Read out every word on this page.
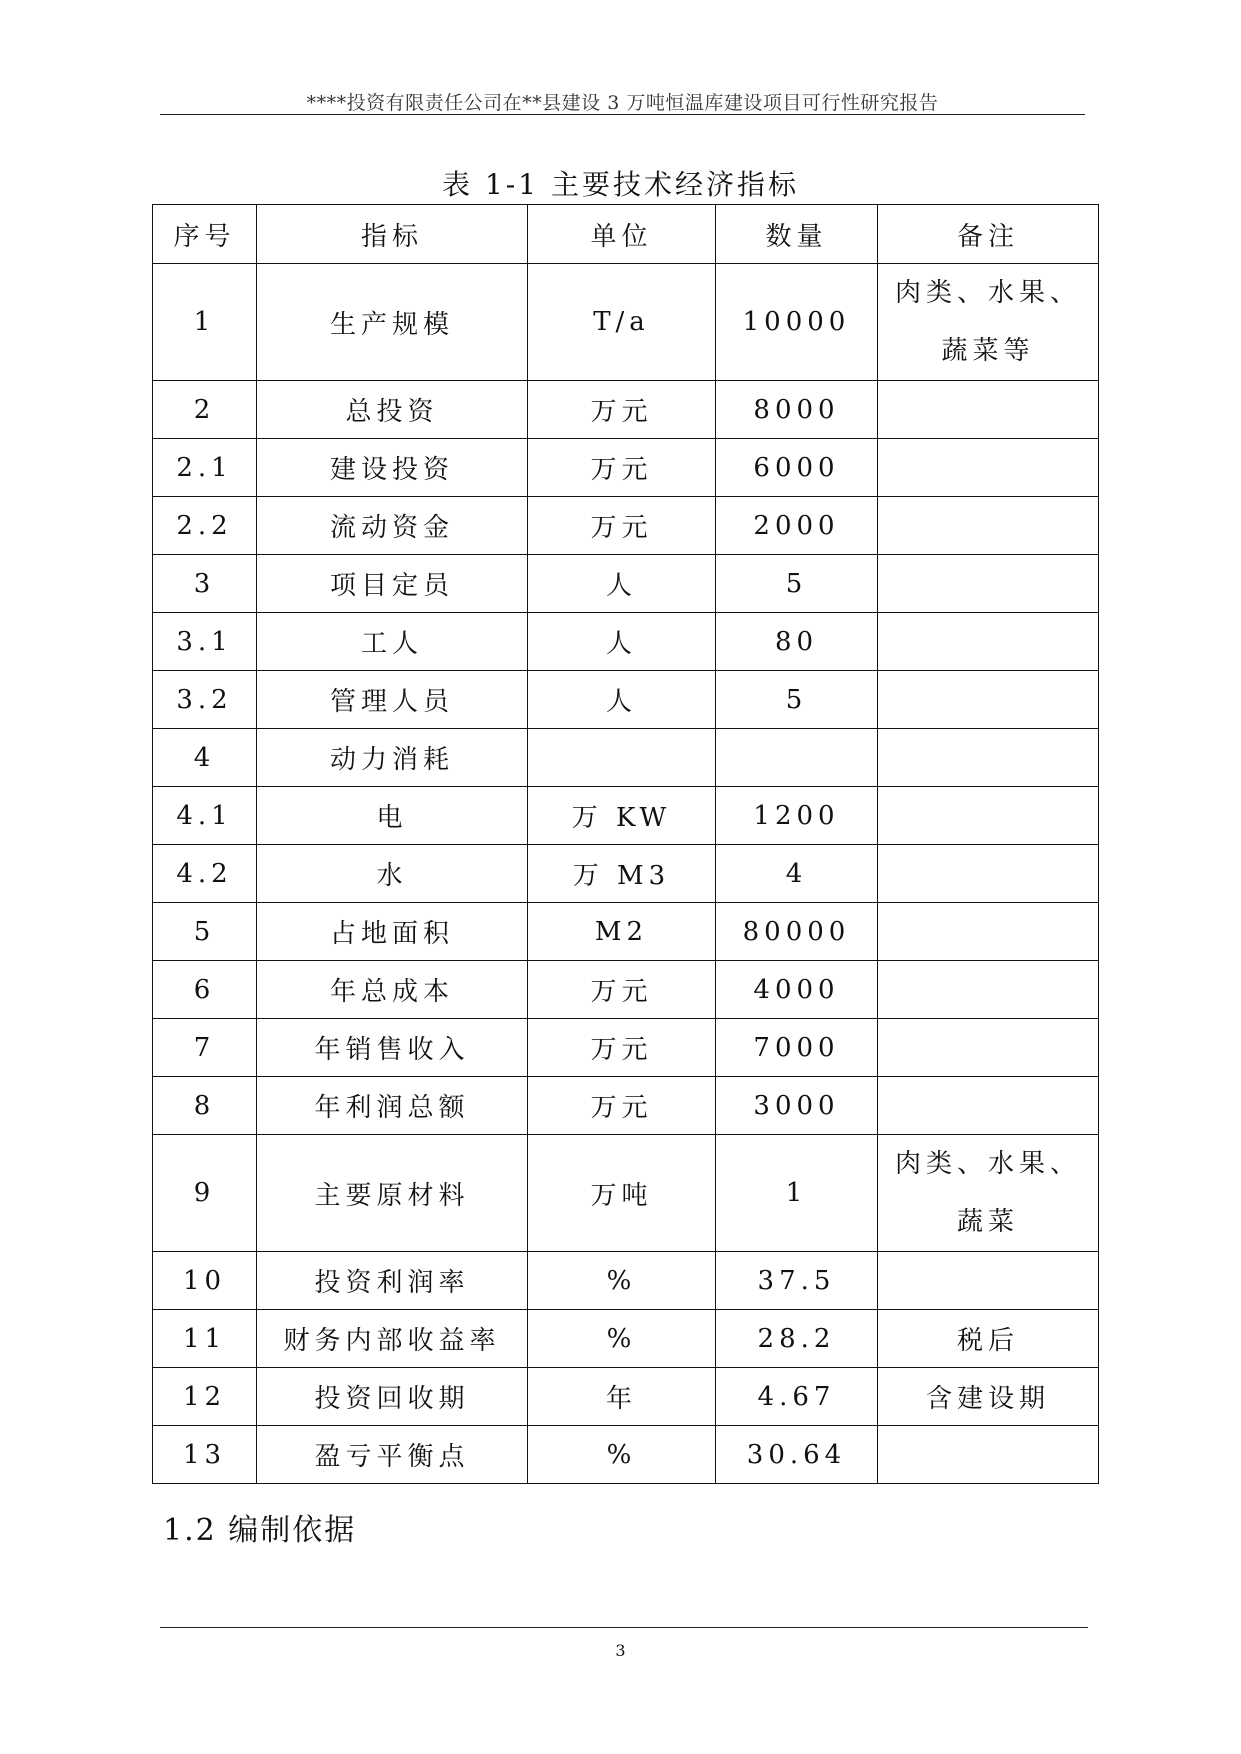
****投资有限责任公司在**县建设 3 万吨恒温库建设项目可行性研究报告
表 1-1 主要技术经济指标
序号	指标	单位	数量	备注
1	生产规模	T/a	10000	肉类、水果、
蔬菜等

2	总投资	万元	8000	
2.1	建设投资	万元	6000	
2.2	流动资金	万元	2000	
3	项目定员	人	5	
3.1	工人	人	80	
3.2	管理人员	人	5	
4	动力消耗			
4.1	电	万 KW	1200	
4.2	水	万 M3	4	
5	占地面积	M2	80000	
6	年总成本	万元	4000	
7	年销售收入	万元	7000	
8	年利润总额	万元	3000	
9	主要原材料	万吨	1	肉类、水果、
蔬菜

10	投资利润率	%	37.5	
11	财务内部收益率	%	28.2	税后
12	投资回收期	年	4.67	含建设期
13	盈亏平衡点	%	30.64	
1.2 编制依据
3
